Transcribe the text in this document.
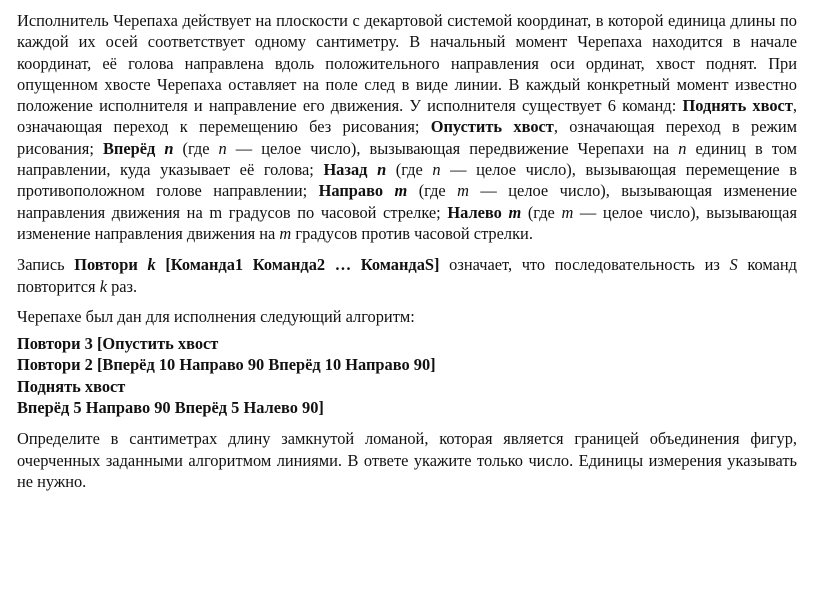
Исполнитель Черепаха действует на плоскости с декартовой системой координат, в которой единица длины по каждой их осей соответствует одному сантиметру. В начальный момент Черепаха находится в начале координат, её голова направлена вдоль положительного направления оси ординат, хвост поднят. При опущенном хвосте Черепаха оставляет на поле след в виде линии. В каждый конкретный момент известно положение исполнителя и направление его движения. У исполнителя существует 6 команд: Поднять хвост, означающая переход к перемещению без рисования; Опустить хвост, означающая переход в режим рисования; Вперёд n (где n — целое число), вызывающая передвижение Черепахи на n единиц в том направлении, куда указывает её голова; Назад n (где n — целое число), вызывающая перемещение в противоположном голове направлении; Направо m (где m — целое число), вызывающая изменение направления движения на m градусов по часовой стрелке; Налево m (где m — целое число), вызывающая изменение направления движения на m градусов против часовой стрелки.

Запись Повтори k [Команда1 Команда2 … КомандаS] означает, что последовательность из S команд повторится k раз.

Черепахе был дан для исполнения следующий алгоритм:

Повтори 3 [Опустить хвост
Повтори 2 [Вперёд 10 Направо 90 Вперёд 10 Направо 90]
Поднять хвост
Вперёд 5 Направо 90 Вперёд 5 Налево 90]

Определите в сантиметрах длину замкнутой ломаной, которая является границей объединения фигур, очерченных заданными алгоритмом линиями. В ответе укажите только число. Единицы измерения указывать не нужно.
